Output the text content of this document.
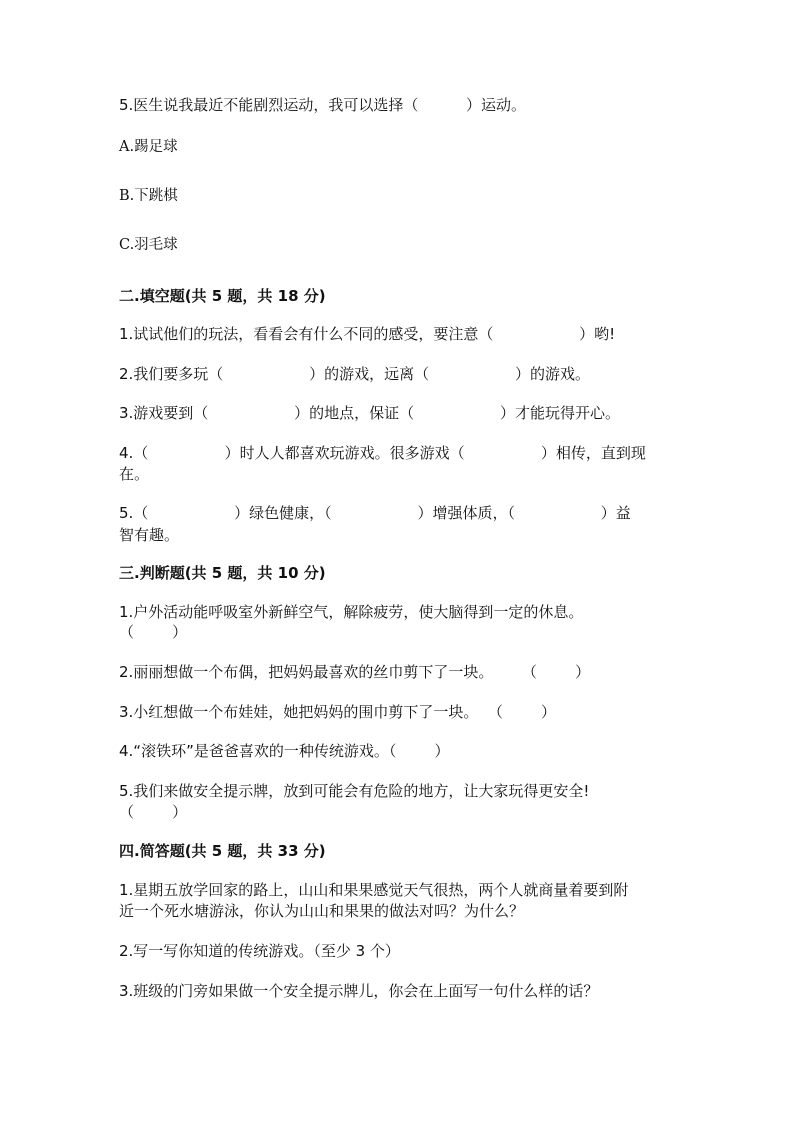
5.医生说我最近不能剧烈运动，我可以选择（          ）运动。
A.踢足球
B.下跳棋
C.羽毛球
二.填空题(共 5 题，共 18 分)
1.试试他们的玩法，看看会有什么不同的感受，要注意（                  ）哟!
2.我们要多玩（                  ）的游戏，远离（                  ）的游戏。
3.游戏要到（                  ）的地点，保证（                  ）才能玩得开心。
4.（                ）时人人都喜欢玩游戏。很多游戏（                ）相传，直到现
在。
5.（                  ）绿色健康，（                  ）增强体质，（                  ）益
智有趣。
三.判断题(共 5 题，共 10 分)
1.户外活动能呼吸室外新鲜空气，解除疲劳，使大脑得到一定的休息。
（        ）
2.丽丽想做一个布偶，把妈妈最喜欢的丝巾剪下了一块。      （        ）
3.小红想做一个布娃娃，她把妈妈的围巾剪下了一块。  （        ）
4.“滚铁环”是爸爸喜欢的一种传统游戏。（        ）
5.我们来做安全提示牌，放到可能会有危险的地方，让大家玩得更安全!
（        ）
四.简答题(共 5 题，共 33 分)
1.星期五放学回家的路上，山山和果果感觉天气很热，两个人就商量着要到附
近一个死水塘游泳，你认为山山和果果的做法对吗？为什么？
2.写一写你知道的传统游戏。（至少 3 个）
3.班级的门旁如果做一个安全提示牌儿，你会在上面写一句什么样的话？
